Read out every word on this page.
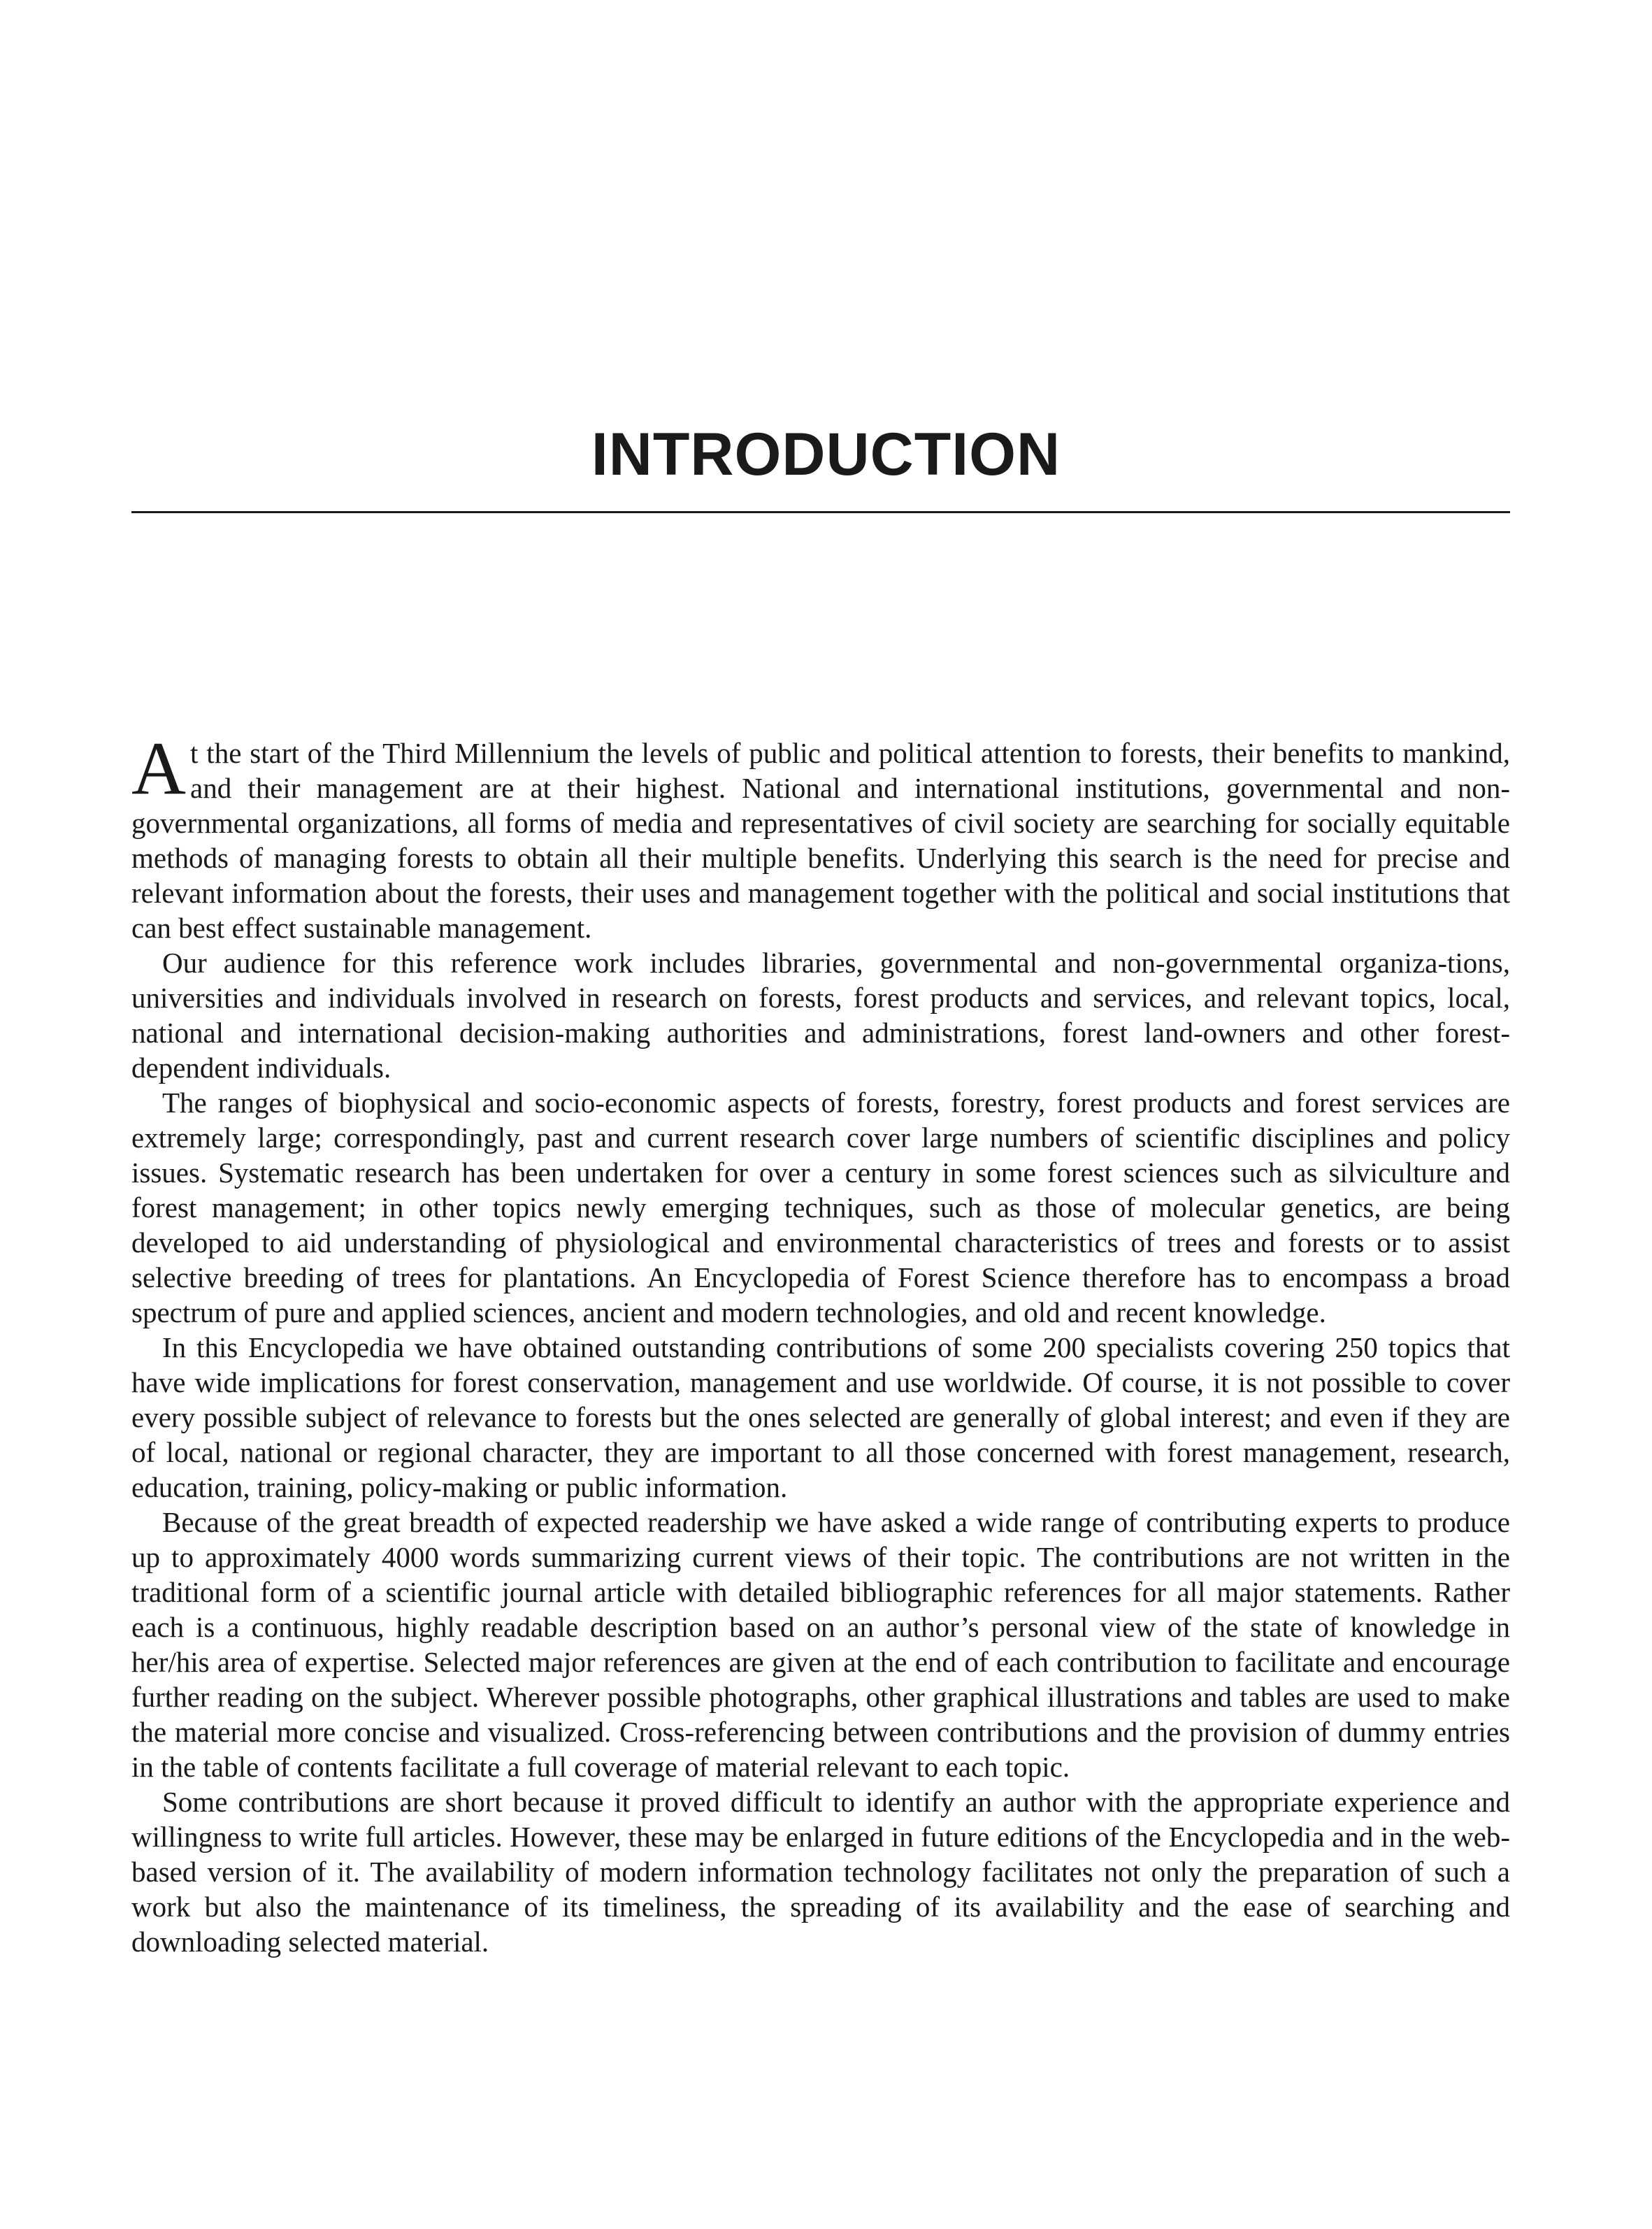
INTRODUCTION

At the start of the Third Millennium the levels of public and political attention to forests, their benefits to mankind, and their management are at their highest. National and international institutions, governmental and non-governmental organizations, all forms of media and representatives of civil society are searching for socially equitable methods of managing forests to obtain all their multiple benefits. Underlying this search is the need for precise and relevant information about the forests, their uses and management together with the political and social institutions that can best effect sustainable management.

Our audience for this reference work includes libraries, governmental and non-governmental organiza-tions, universities and individuals involved in research on forests, forest products and services, and relevant topics, local, national and international decision-making authorities and administrations, forest land-owners and other forest-dependent individuals.

The ranges of biophysical and socio-economic aspects of forests, forestry, forest products and forest services are extremely large; correspondingly, past and current research cover large numbers of scientific disciplines and policy issues. Systematic research has been undertaken for over a century in some forest sciences such as silviculture and forest management; in other topics newly emerging techniques, such as those of molecular genetics, are being developed to aid understanding of physiological and environmental characteristics of trees and forests or to assist selective breeding of trees for plantations. An Encyclopedia of Forest Science therefore has to encompass a broad spectrum of pure and applied sciences, ancient and modern technologies, and old and recent knowledge.

In this Encyclopedia we have obtained outstanding contributions of some 200 specialists covering 250 topics that have wide implications for forest conservation, management and use worldwide. Of course, it is not possible to cover every possible subject of relevance to forests but the ones selected are generally of global interest; and even if they are of local, national or regional character, they are important to all those concerned with forest management, research, education, training, policy-making or public information.

Because of the great breadth of expected readership we have asked a wide range of contributing experts to produce up to approximately 4000 words summarizing current views of their topic. The contributions are not written in the traditional form of a scientific journal article with detailed bibliographic references for all major statements. Rather each is a continuous, highly readable description based on an author’s personal view of the state of knowledge in her/his area of expertise. Selected major references are given at the end of each contribution to facilitate and encourage further reading on the subject. Wherever possible photographs, other graphical illustrations and tables are used to make the material more concise and visualized. Cross-referencing between contributions and the provision of dummy entries in the table of contents facilitate a full coverage of material relevant to each topic.

Some contributions are short because it proved difficult to identify an author with the appropriate experience and willingness to write full articles. However, these may be enlarged in future editions of the Encyclopedia and in the web-based version of it. The availability of modern information technology facilitates not only the preparation of such a work but also the maintenance of its timeliness, the spreading of its availability and the ease of searching and downloading selected material.
